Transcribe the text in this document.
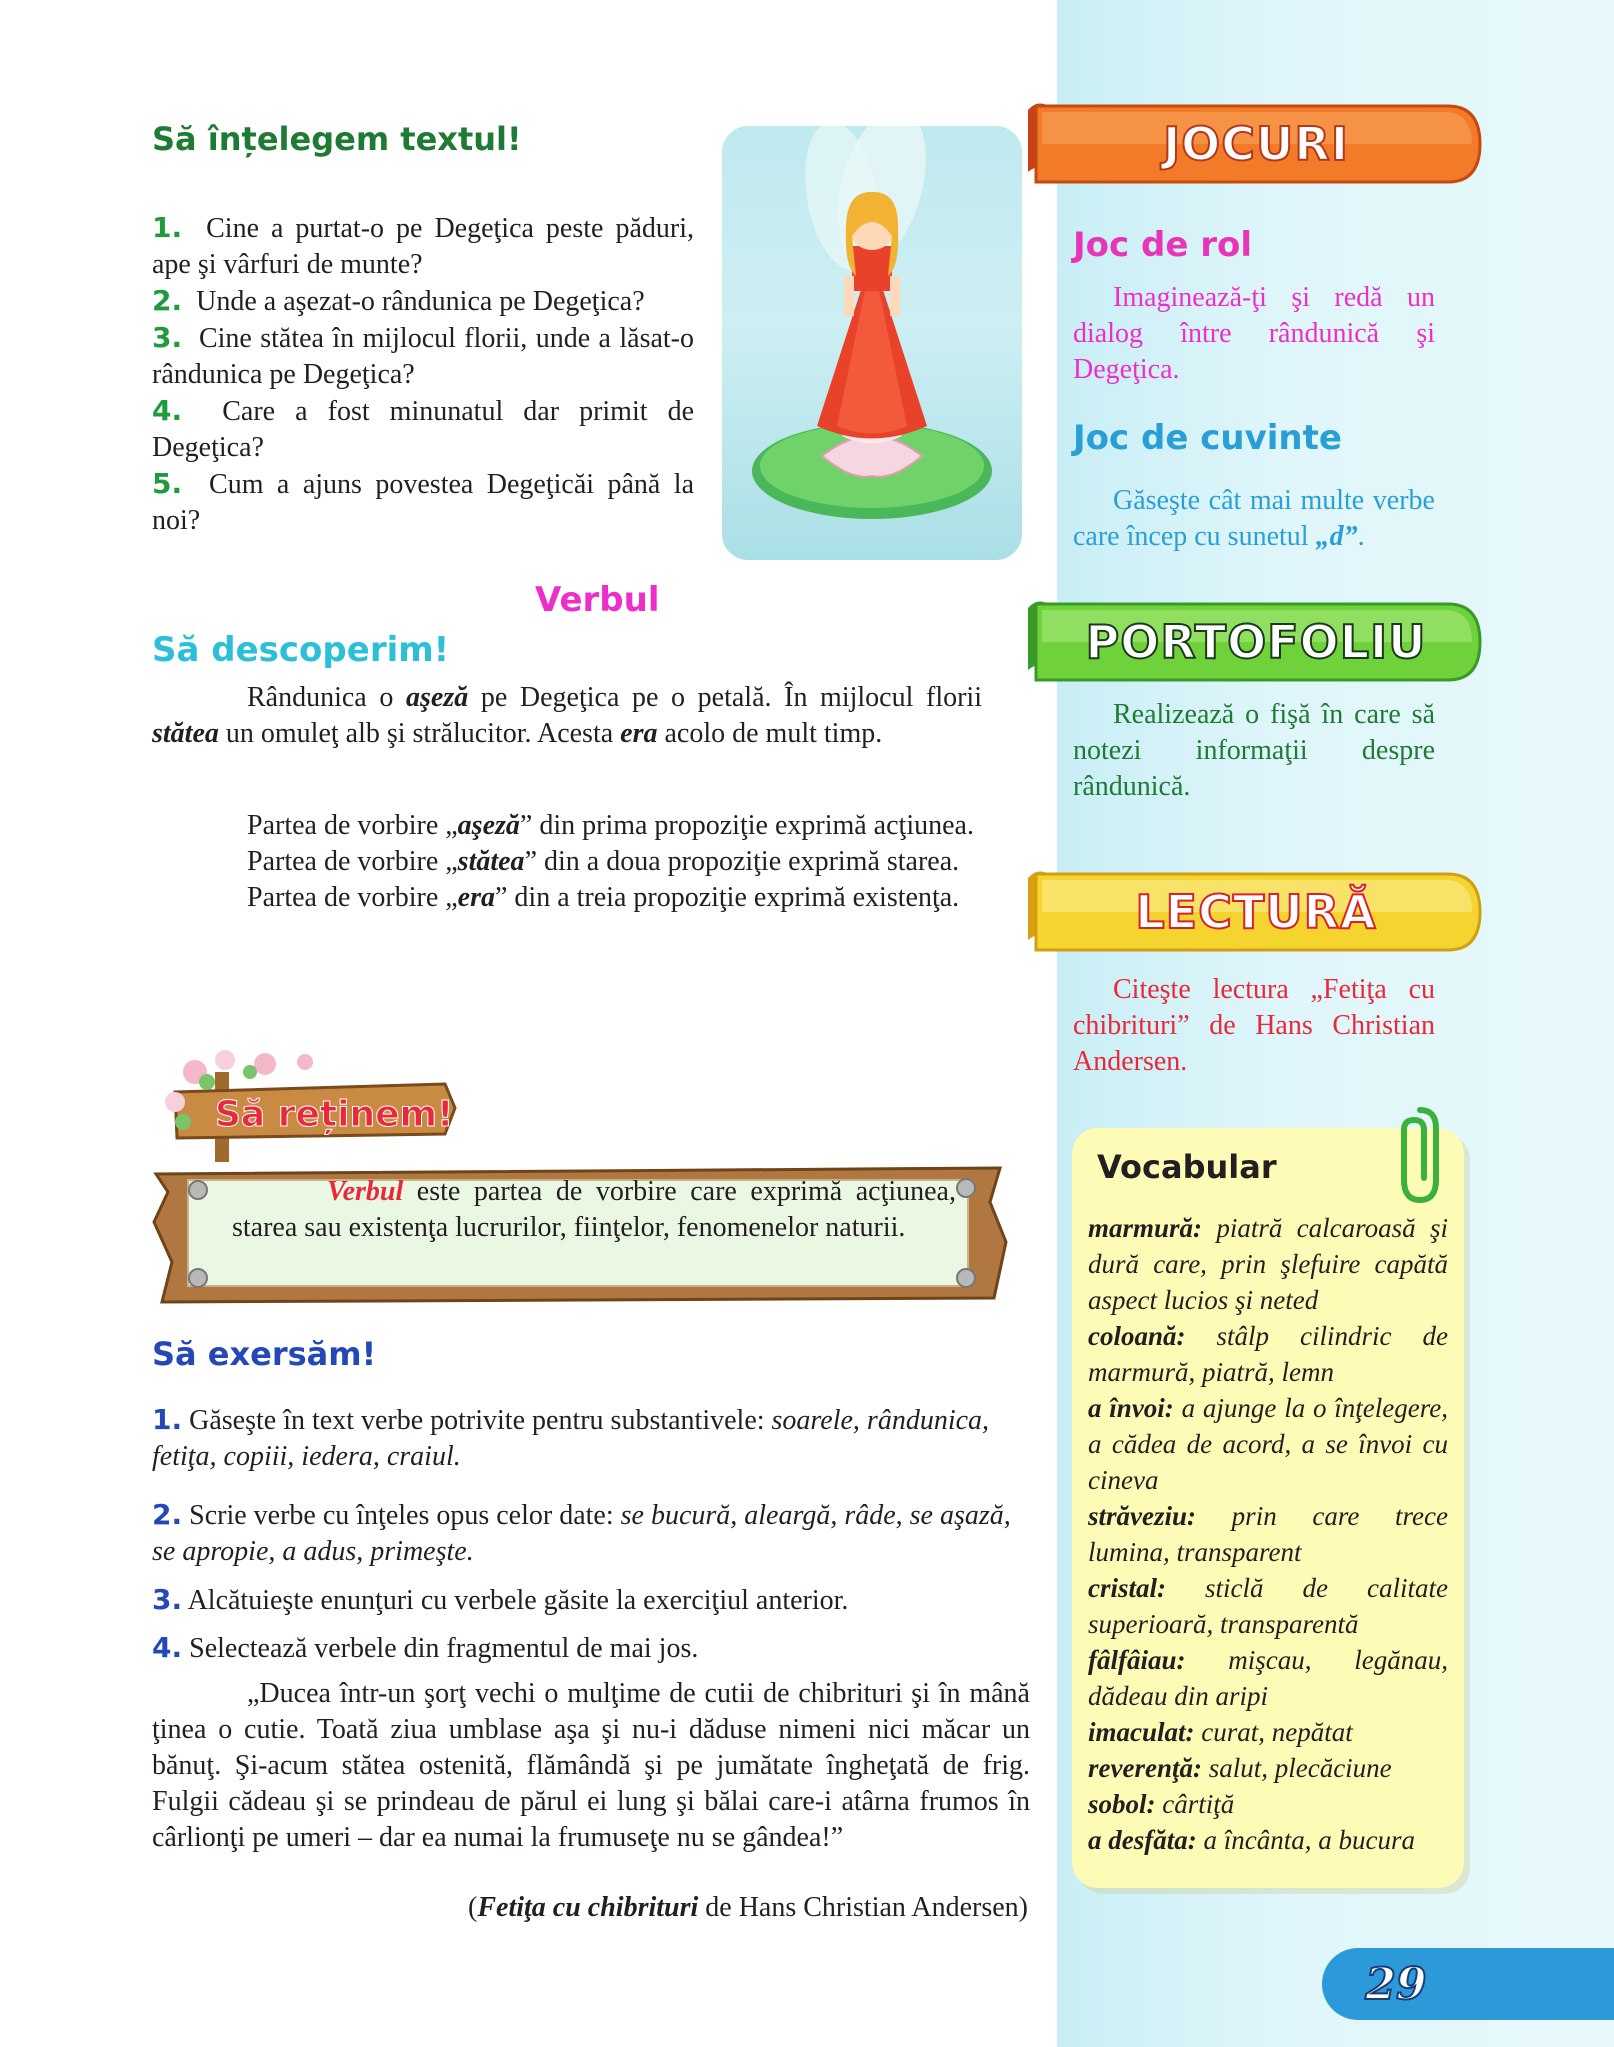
Să înțelegem textul!

1. Cine a purtat-o pe Degeţica peste păduri, ape şi vârfuri de munte?

2. Unde a aşezat-o rândunica pe Degeţica?

3. Cine stătea în mijlocul florii, unde a lăsat-o rândunica pe Degeţica?

4. Care a fost minunatul dar primit de Degeţica?

5. Cum a ajuns povestea Degeţicăi până la noi?

Verbul
Să descoperim!
Rândunica o aşeză pe Degeţica pe o petală. În mijlocul florii stătea un omuleţ alb şi strălucitor. Acesta era acolo de mult timp.

Partea de vorbire „aşeză” din prima propoziţie exprimă acţiunea.

Partea de vorbire „stătea” din a doua propoziţie exprimă starea.

Partea de vorbire „era” din a treia propoziţie exprimă existenţa.

Să reținem!
Verbul este partea de vorbire care exprimă acţiunea, starea sau existenţa lucrurilor, fiinţelor, fenomenelor naturii.
Să exersăm!
1. Găseşte în text verbe potrivite pentru substantivele: soarele, rândunica, fetiţa, copiii, iedera, craiul.
2. Scrie verbe cu înţeles opus celor date: se bucură, aleargă, râde, se aşază, se apropie, a adus, primeşte.
3. Alcătuieşte enunţuri cu verbele găsite la exerciţiul anterior.
4. Selectează verbele din fragmentul de mai jos.
„Ducea într-un şorţ vechi o mulţime de cutii de chibrituri şi în mână ţinea o cutie. Toată ziua umblase aşa şi nu-i dăduse nimeni nici măcar un bănuţ. Şi-acum stătea ostenită, flămândă şi pe jumătate îngheţată de frig. Fulgii cădeau şi se prindeau de părul ei lung şi bălai care-i atârna frumos în cârlionţi pe umeri – dar ea numai la frumuseţe nu se gândea!”
(Fetiţa cu chibrituri de Hans Christian Andersen)
JOCURI
Joc de rol
Imaginează-ţi şi redă un dialog între rândunică şi Degeţica.
Joc de cuvinte
Găseşte cât mai multe verbe care încep cu sunetul „d”.
PORTOFOLIU
Realizează o fişă în care să notezi informaţii despre rândunică.
LECTURĂ
Citeşte lectura „Fetiţa cu chibrituri” de Hans Christian Andersen.
Vocabular

marmură: piatră calcaroasă şi dură care, prin şlefuire capătă aspect lucios şi neted

coloană: stâlp cilindric de marmură, piatră, lemn

a învoi: a ajunge la o înţelegere, a cădea de acord, a se învoi cu cineva

străveziu: prin care trece lumina, transparent

cristal: sticlă de calitate superioară, transparentă

fâlfâiau: mişcau, legănau, dădeau din aripi

imaculat: curat, nepătat

reverenţă: salut, plecăciune

sobol: cârtiţă

a desfăta: a încânta, a bucura

29
